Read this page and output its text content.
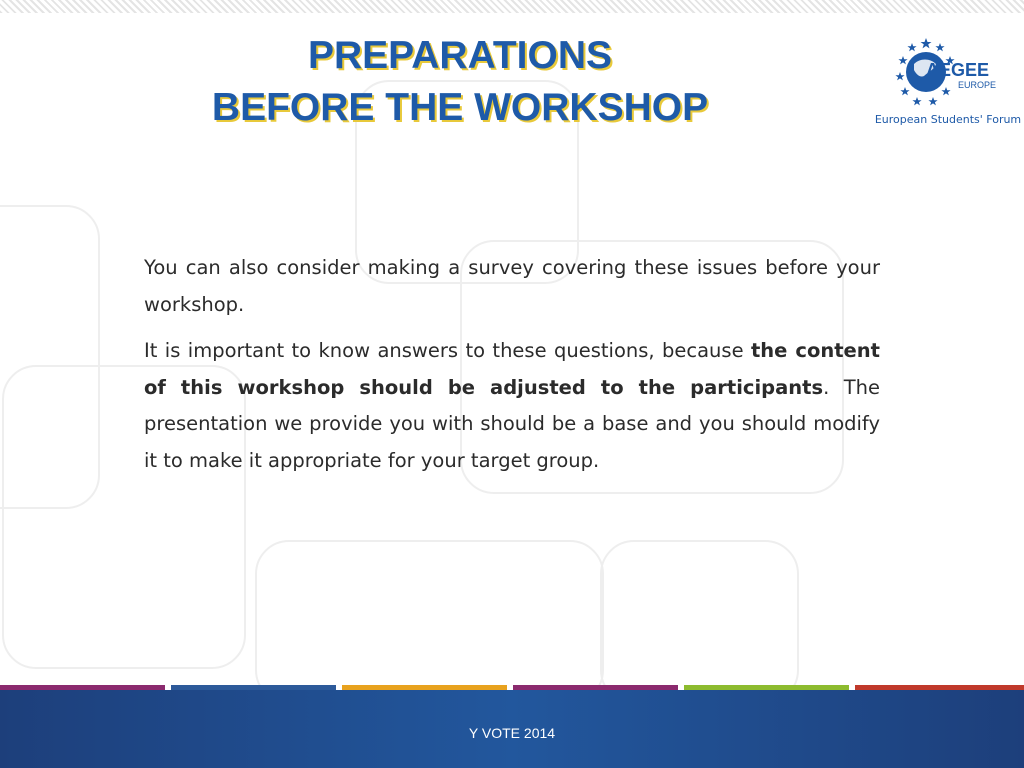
PREPARATIONS
BEFORE THE WORKSHOP
AEGEE
EUROPE
European Students' Forum

You can also consider making a survey covering these issues before your workshop.

It is important to know answers to these questions, because the content of this workshop should be adjusted to the participants. The presentation we provide you with should be a base and you should modify it to make it appropriate for your target group.

Y VOTE 2014
